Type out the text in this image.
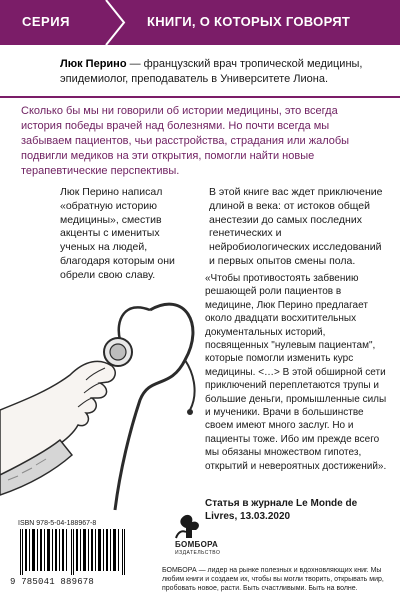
СЕРИЯ	КНИГИ, О КОТОРЫХ ГОВОРЯТ
Люк Перино — французский врач тропической медицины, эпидемиолог, преподаватель в Университете Лиона.
Сколько бы мы ни говорили об истории медицины, это всегда история победы врачей над болезнями. Но почти всегда мы забываем пациентов, чьи расстройства, страдания или жалобы подвигли медиков на эти открытия, помогли найти новые терапевтические перспективы.
Люк Перино написал «обратную историю медицины», сместив акценты с именитых ученых на людей, благодаря которым они обрели свою славу.
В этой книге вас ждет приключение длиной в века: от истоков общей анестезии до самых последних генетических и нейробиологических исследований и первых опытов смены пола.
«Чтобы противостоять забвению решающей роли пациентов в медицине, Люк Перино предлагает около двадцати восхитительных документальных историй, посвященных "нулевым пациентам", которые помогли изменить курс медицины. <…> В этой обширной сети приключений переплетаются трупы и большие деньги, промышленные силы и мученики. Врачи в большинстве своем имеют много заслуг. Но и пациенты тоже. Ибо им прежде всего мы обязаны множеством гипотез, открытий и невероятных достижений».
Статья в журнале Le Monde de Livres, 13.03.2020
ISBN 978-5-04-188967-8
9 785041 889678
БОМБОРА
ИЗДАТЕЛЬСТВО
БОМБОРА — лидер на рынке полезных и вдохновляющих книг. Мы любим книги и создаем их, чтобы вы могли творить, открывать мир, пробовать новое, расти. Быть счастливыми. Быть на волне.
